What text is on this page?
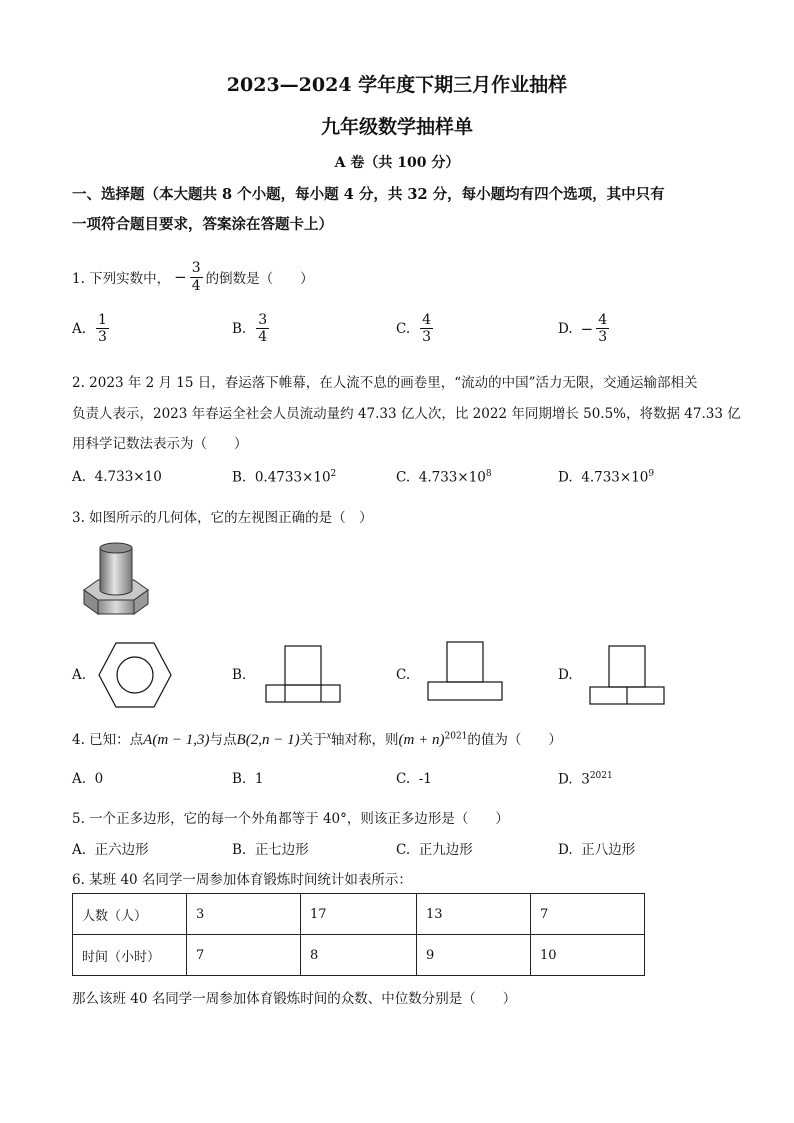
2023—2024 学年度下期三月作业抽样
九年级数学抽样单
A 卷（共 100 分）
一、选择题（本大题共 8 个小题，每小题 4 分，共 32 分，每小题均有四个选项，其中只有
一项符合题目要求，答案涂在答题卡上）
1. 下列实数中， − $\frac{3}{4}$ 的倒数是（　　）
A. $\frac{1}{3}$	B. $\frac{3}{4}$	C. $\frac{4}{3}$	D. − $\frac{4}{3}$
2. 2023 年 2 月 15 日，春运落下帷幕，在人流不息的画卷里，“流动的中国”活力无限，交通运输部相关
负责人表示，2023 年春运全社会人员流动量约 47.33 亿人次，比 2022 年同期增长 50.5%，将数据 47.33 亿
用科学记数法表示为（　　）
A. 4.733×10	B. $0.4733\times 10^2$	C. $4.733\times 10^8$	D. $4.733\times 10^9$
3. 如图所示的几何体，它的左视图正确的是（　）
A.	B.	C.	D.
4. 已知：点A(m − 1,3)与点B(2,n − 1)关于$^x$轴对称，则$(m + n)^{2021}$的值为（　　）
A. 0	B. 1	C. -1	D. $3^{2021}$
5. 一个正多边形，它的每一个外角都等于 40°，则该正多边形是（　　）
A. 正六边形	B. 正七边形	C. 正九边形	D. 正八边形
6. 某班 40 名同学一周参加体育锻炼时间统计如表所示：
人数（人）	3	17	13	7
时间（小时）	7	8	9	10
那么该班 40 名同学一周参加体育锻炼时间的众数、中位数分别是（　　）
